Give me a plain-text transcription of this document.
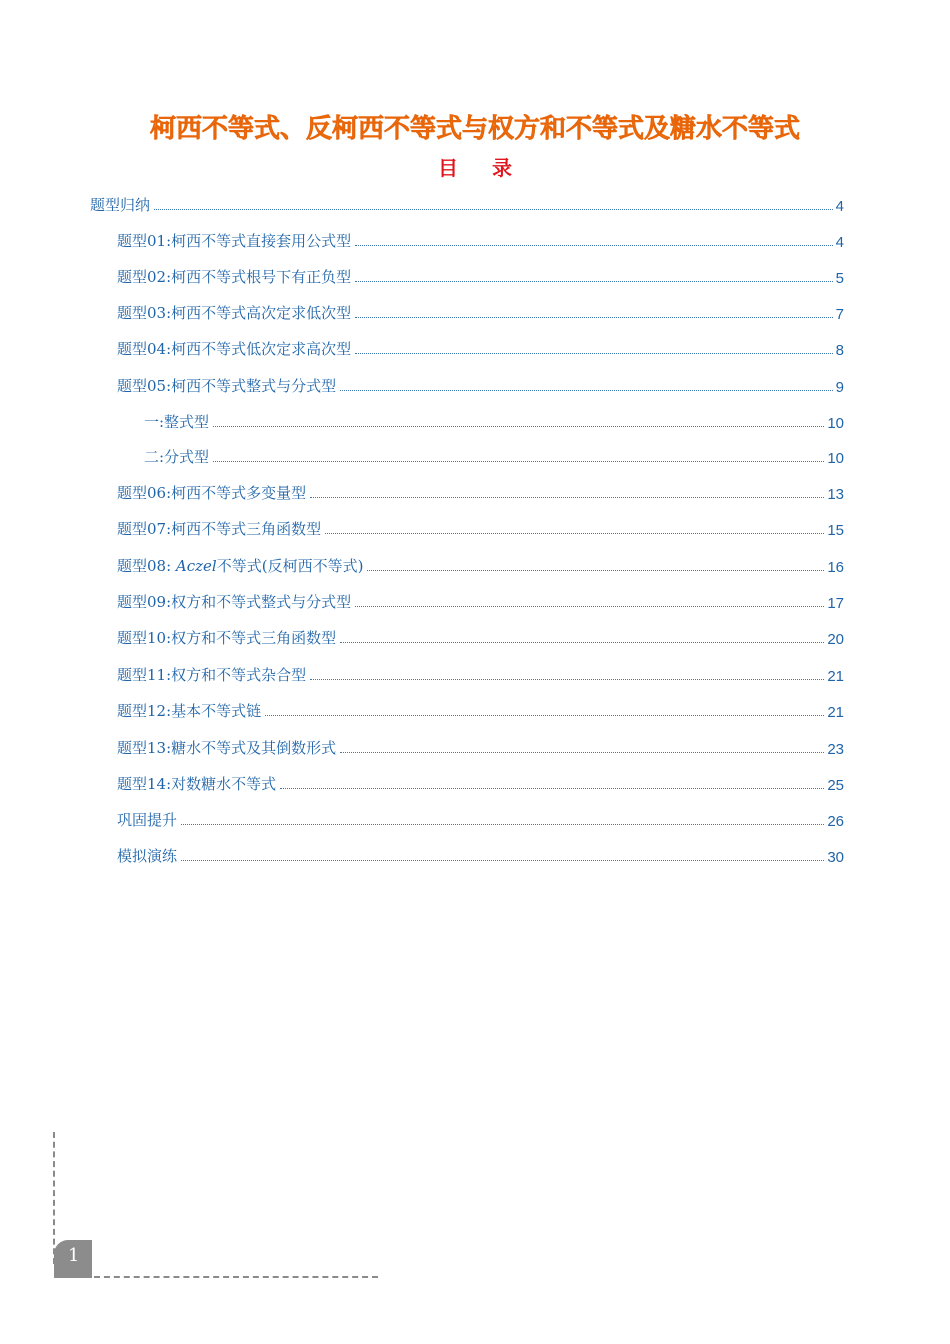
柯西不等式、反柯西不等式与权方和不等式及糖水不等式
目录
题型归纳	4
题型01:柯西不等式直接套用公式型	4
题型02:柯西不等式根号下有正负型	5
题型03:柯西不等式高次定求低次型	7
题型04:柯西不等式低次定求高次型	8
题型05:柯西不等式整式与分式型	9
一:整式型	10
二:分式型	10
题型06:柯西不等式多变量型	13
题型07:柯西不等式三角函数型	15
题型08: Aczel不等式(反柯西不等式)	16
题型09:权方和不等式整式与分式型	17
题型10:权方和不等式三角函数型	20
题型11:权方和不等式杂合型	21
题型12:基本不等式链	21
题型13:糖水不等式及其倒数形式	23
题型14:对数糖水不等式	25
巩固提升	26
模拟演练	30
1
